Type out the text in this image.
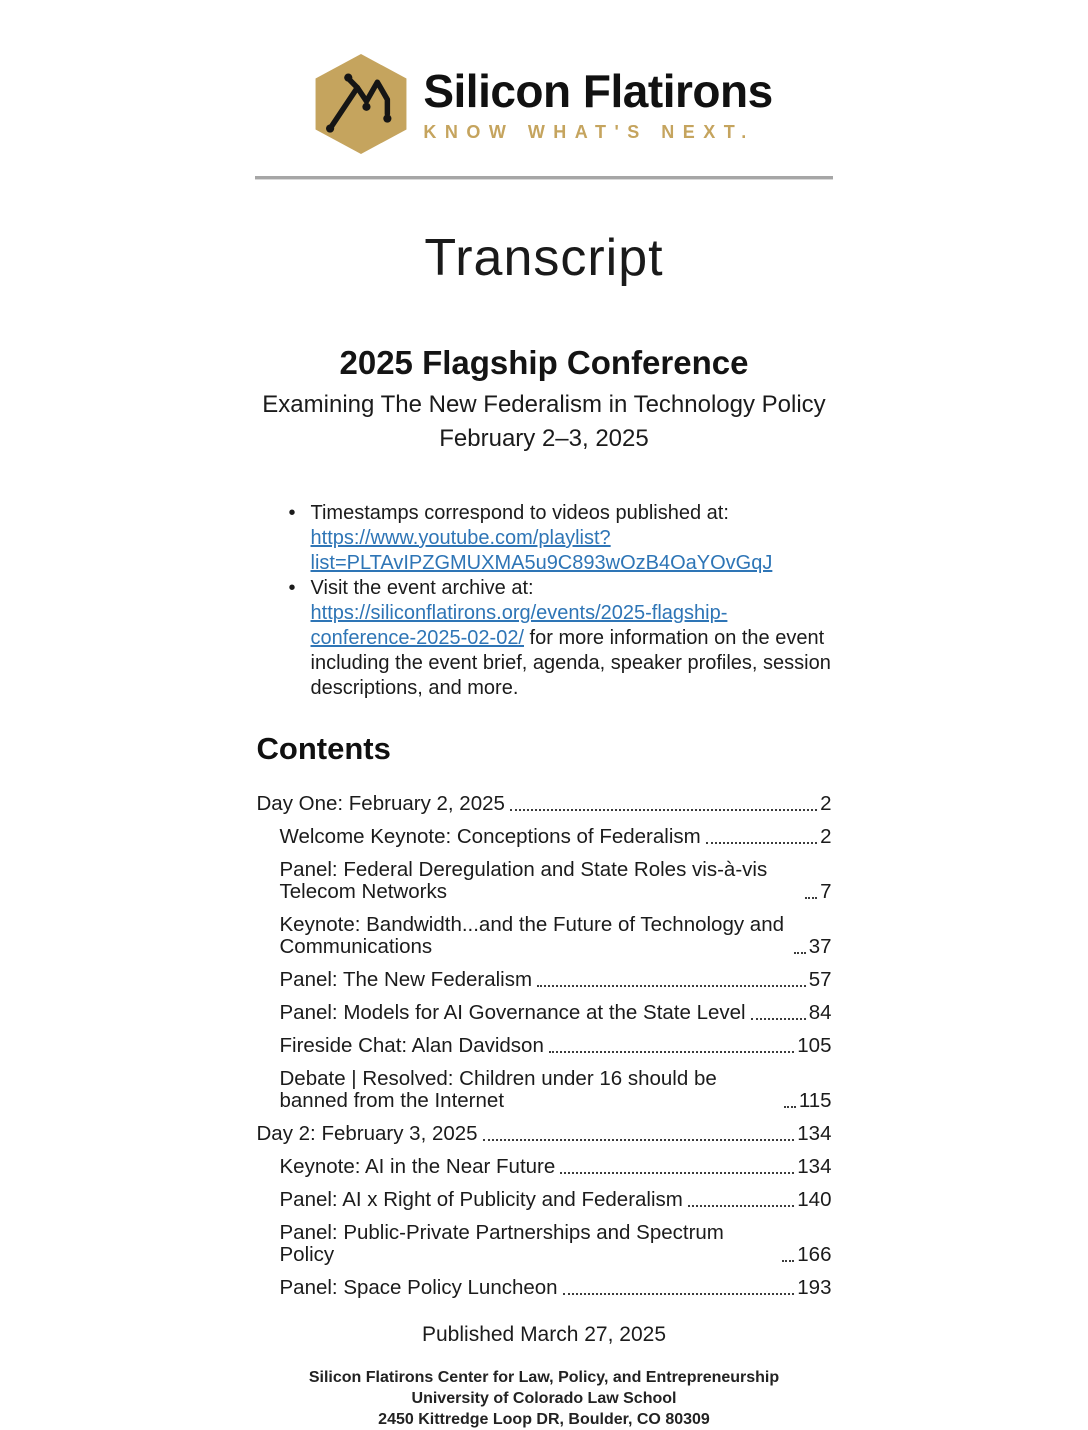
Silicon Flatirons
KNOW WHAT'S NEXT.
Transcript
2025 Flagship Conference
Examining The New Federalism in Technology Policy
February 2–3, 2025
• Timestamps correspond to videos published at: https://www.youtube.com/playlist?list=PLTAvIPZGMUXMA5u9C893wOzB4OaYOvGqJ
• Visit the event archive at: https://siliconflatirons.org/events/2025-flagship-conference-2025-02-02/ for more information on the event including the event brief, agenda, speaker profiles, session descriptions, and more.
Contents
Day One: February 2, 2025	2
Welcome Keynote: Conceptions of Federalism	2
Panel: Federal Deregulation and State Roles vis-à-vis Telecom Networks	7
Keynote: Bandwidth...and the Future of Technology and Communications	37
Panel: The New Federalism	57
Panel: Models for AI Governance at the State Level	84
Fireside Chat: Alan Davidson	105
Debate | Resolved: Children under 16 should be banned from the Internet	115
Day 2: February 3, 2025	134
Keynote: AI in the Near Future	134
Panel: AI x Right of Publicity and Federalism	140
Panel: Public-Private Partnerships and Spectrum Policy	166
Panel: Space Policy Luncheon	193
Published March 27, 2025
Silicon Flatirons Center for Law, Policy, and Entrepreneurship
University of Colorado Law School
2450 Kittredge Loop DR, Boulder, CO 80309
